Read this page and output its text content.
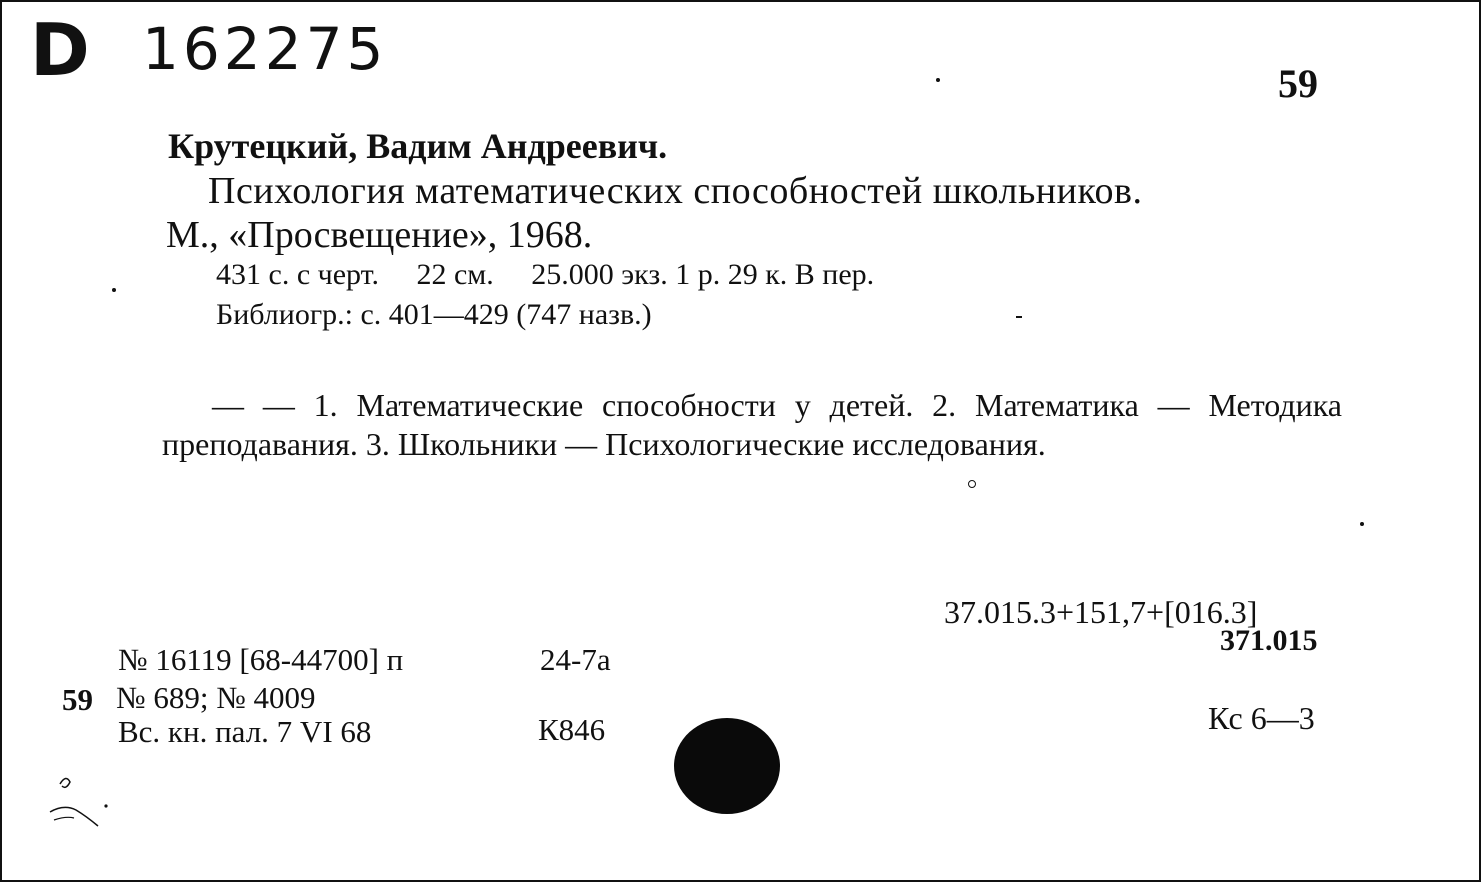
D 162275
59
Крутецкий, Вадим Андреевич.
Психология математических способностей школьников.
М., «Просвещение», 1968.
431 с. с черт.     22 см.     25.000 экз. 1 р. 29 к. В пер.
Библиогр.: с. 401—429 (747 назв.)
— — 1. Математические способности у детей. 2. Математика — Методика преподавания. 3. Школьники — Психологические исследования.
37.015.3+151,7+[016.3]
371.015
№ 16119 [68-44700] п	24-7а
59 № 689; № 4009
Вс. кн. пал. 7 VI 68	К846	Кс 6—3
